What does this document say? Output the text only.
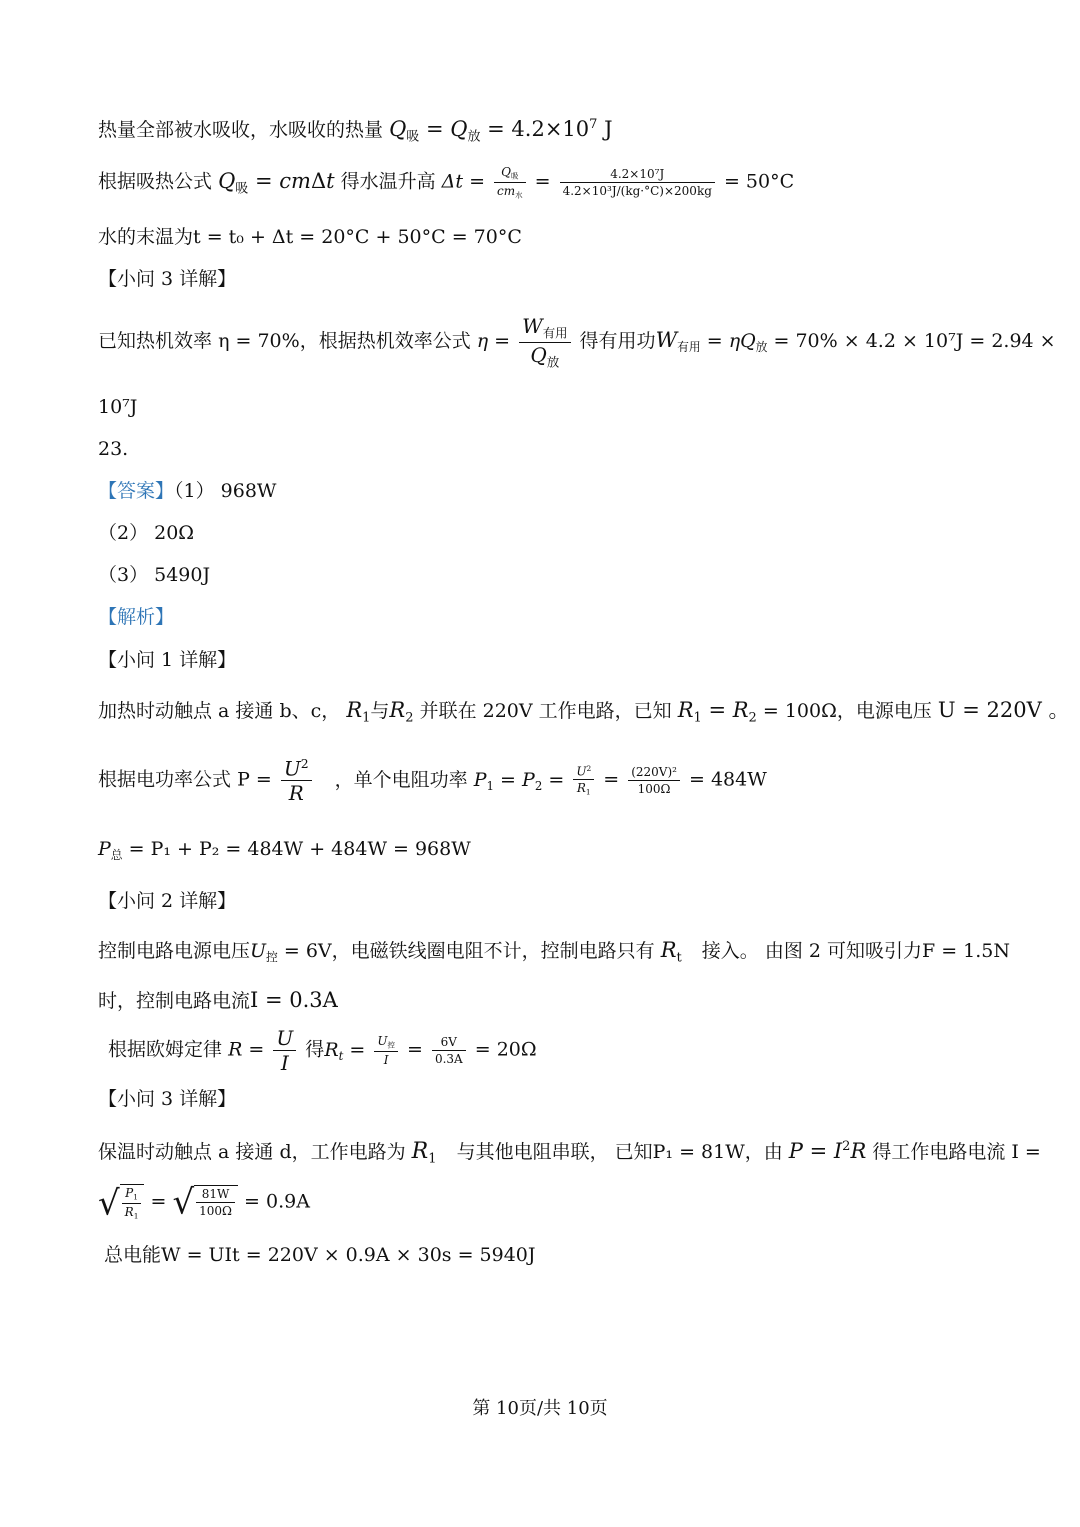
热量全部被水吸收，水吸收的热量 $Q_吸 = Q_放 = 4.2\times 10^7$ J
根据吸热公式 $Q_吸 = cm\Delta t$ 得水温升高 $\Delta t = \frac{Q_吸}{cm_水} = \frac{\text{4.2×10⁷J}}{\text{4.2×10³J/(kg·°C)×200kg}} = 50^\circ C$
水的末温为t = t₀ + Δt = 20°C + 50°C = 70°C
【小问 3 详解】
已知热机效率 η = 70%，根据热机效率公式 $\eta = \frac{W_{有用}}{Q_放}$ 得有用功$W_{有用} = \eta Q_放 = 70\% \times 4.2 \times 10^7J = 2.94$ ×
10⁷J
23.
【答案】（1） 968W
（2） 20Ω
（3） 5490J
【解析】
【小问 1 详解】
加热时动触点 a 接通 b、c， $R_1$与$R_2$ 并联在 220V 工作电路，已知 $R_1 = R_2 = 100\Omega$，电源电压 U = 220V 。
根据电功率公式 $P = \frac{U^2}{R}$ ，单个电阻功率 $P_1 = P_2 = \frac{U^2}{R_1} = \frac{\text{(220V)²}}{100\Omega} = 484W$
$P_总 = P_1 + P_2 = 484W + 484W = 968W$
【小问 2 详解】
控制电路电源电压$U_控 = 6V$，电磁铁线圈电阻不计，控制电路只有 $R_t$ 接入。 由图 2 可知吸引力F = 1.5N
时，控制电路电流I = 0.3A
根据欧姆定律 $R = \frac{U}{I}$ 得$R_t = \frac{U_控}{I} = \frac{6V}{0.3A} = 20\Omega$
【小问 3 详解】
保温时动触点 a 接通 d，工作电路为 $R_1$ 与其他电阻串联， 已知P₁ = 81W，由 $P = I^2R$ 得工作电路电流 I =
√ $\frac{P_1}{R_1}$ = √ $\frac{81W}{100\Omega} = 0.9A$
总电能W = UIt = 220V × 0.9A × 30s = 5940J
第 10页/共 10页
